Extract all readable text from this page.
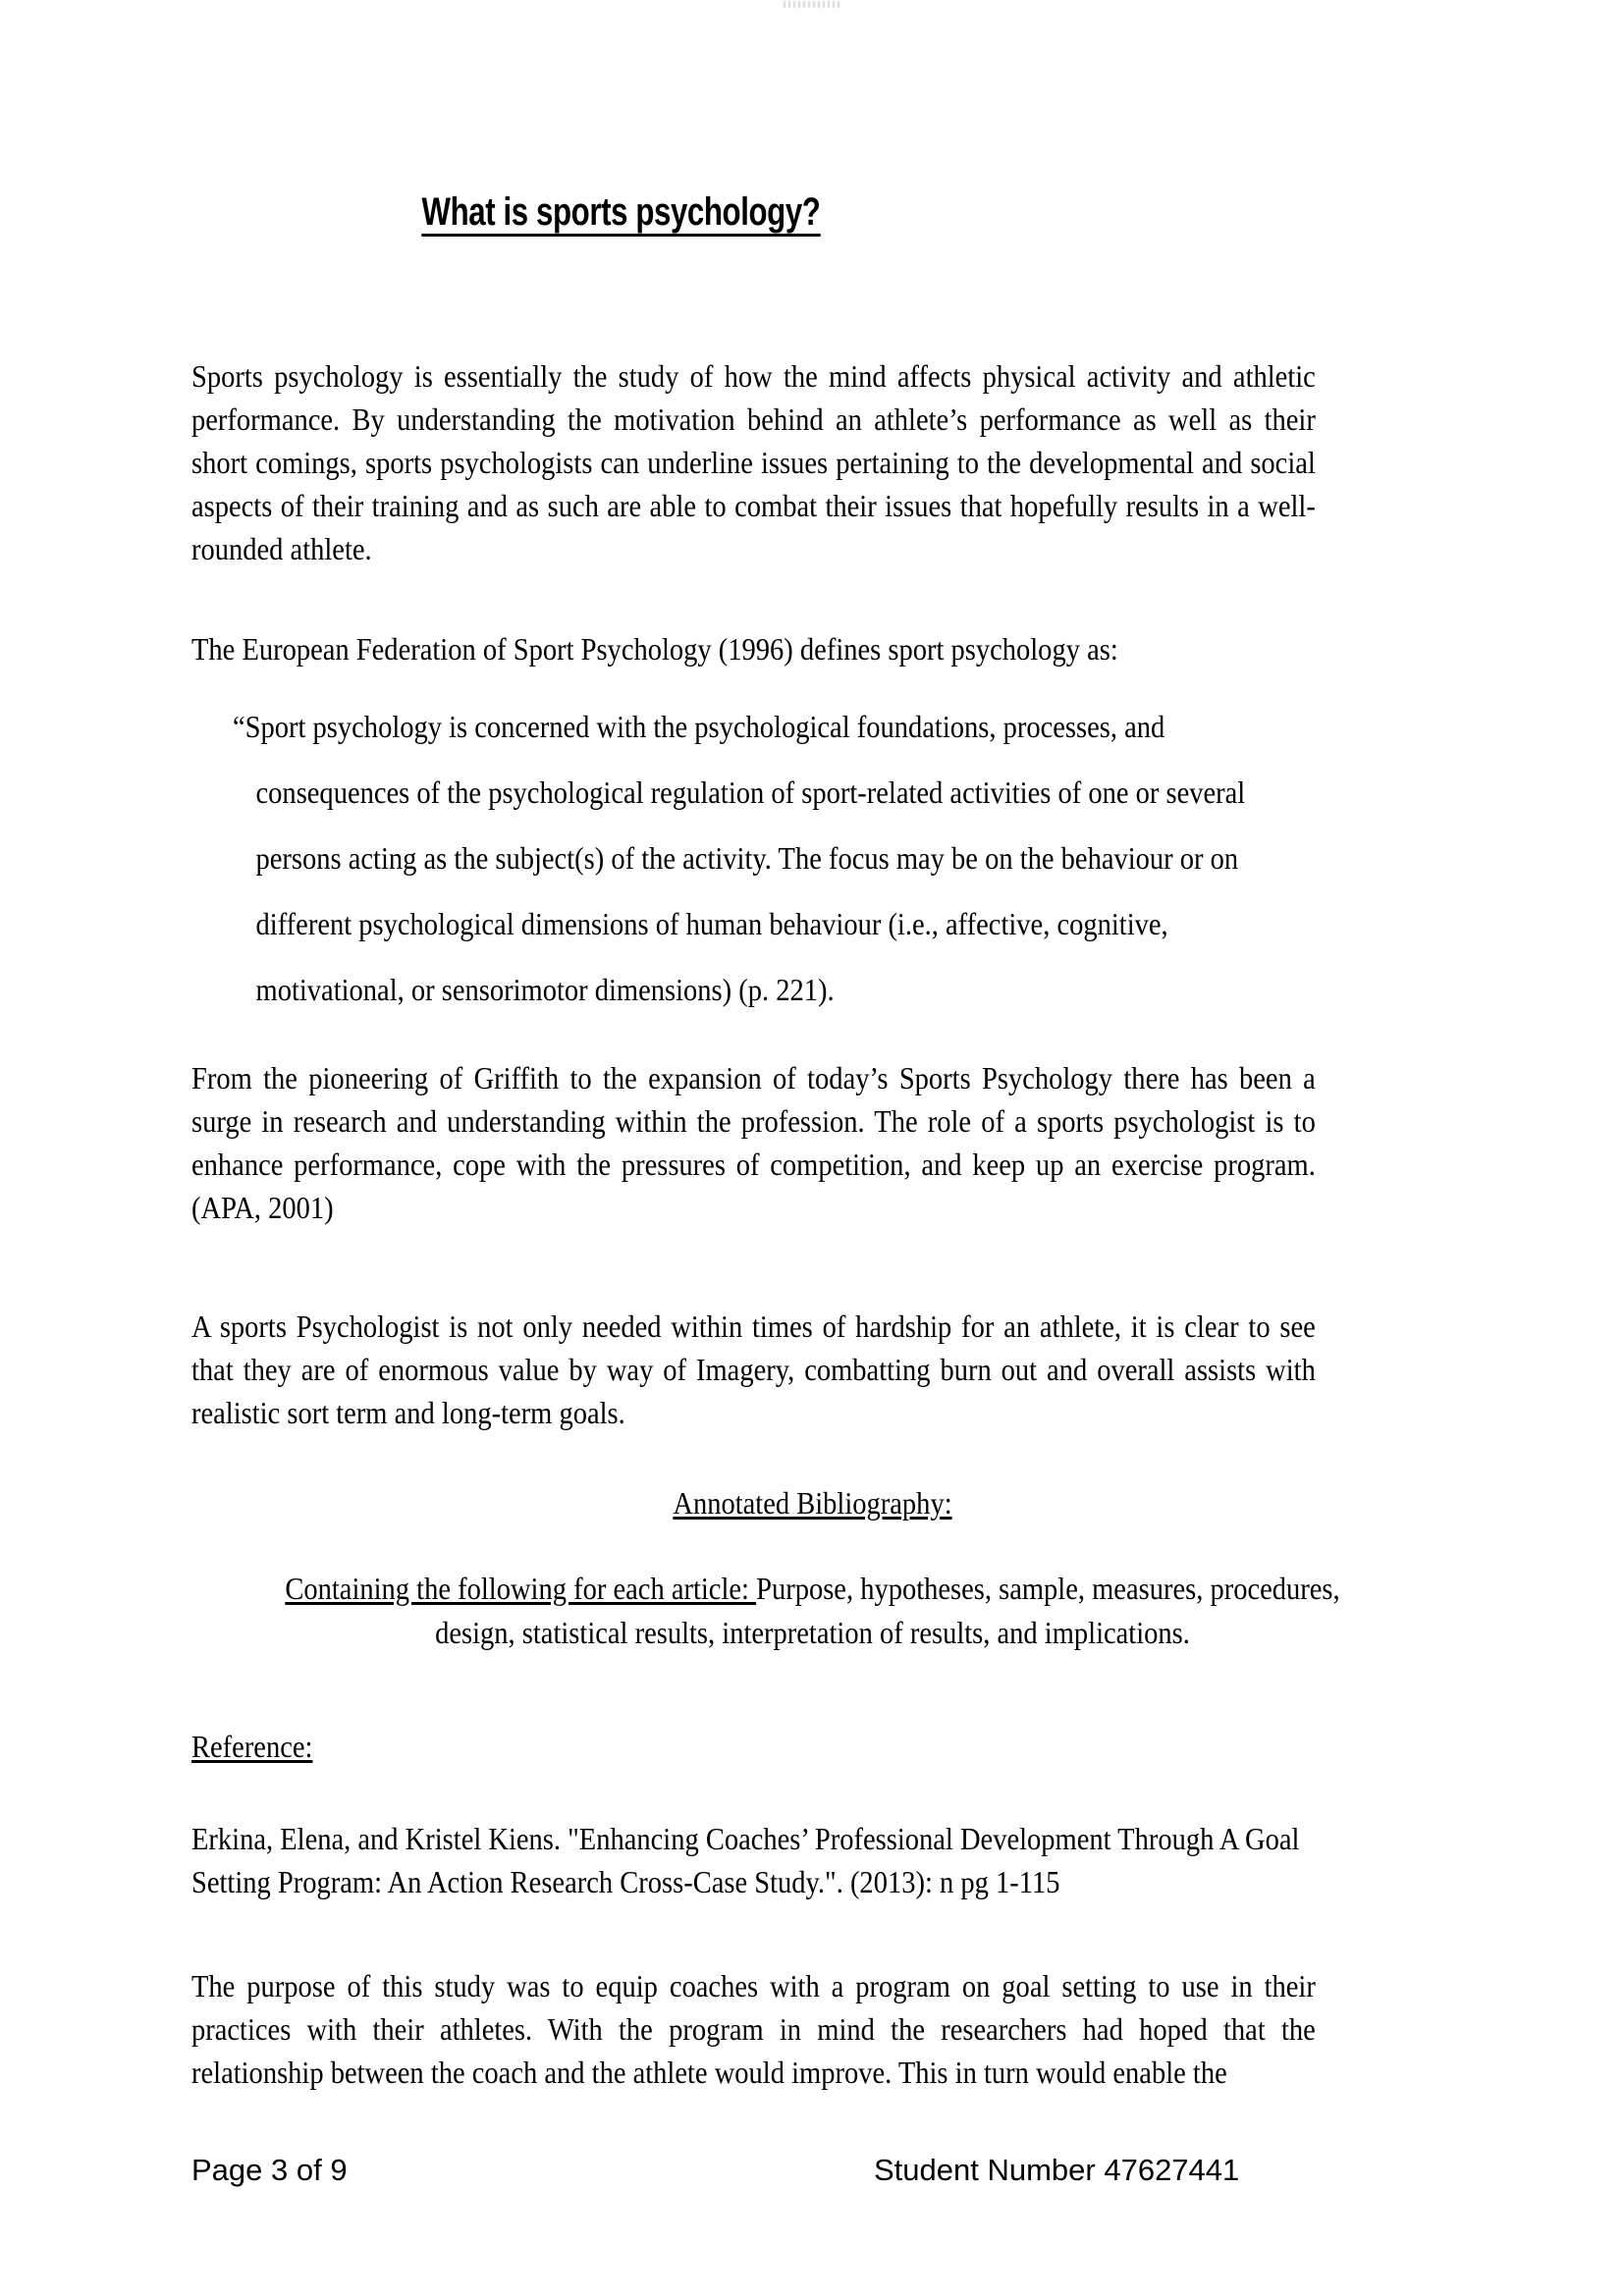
What is sports psychology?

Sports psychology is essentially the study of how the mind affects physical activity and athletic performance. By understanding the motivation behind an athlete’s performance as well as their short comings, sports psychologists can underline issues pertaining to the developmental and social aspects of their training and as such are able to combat their issues that hopefully results in a well-rounded athlete.

The European Federation of Sport Psychology (1996) defines sport psychology as:

“Sport psychology is concerned with the psychological foundations, processes, and consequences of the psychological regulation of sport-related activities of one or several persons acting as the subject(s) of the activity. The focus may be on the behaviour or on different psychological dimensions of human behaviour (i.e., affective, cognitive, motivational, or sensorimotor dimensions) (p. 221).

From the pioneering of Griffith to the expansion of today’s Sports Psychology there has been a surge in research and understanding within the profession. The role of a sports psychologist is to enhance performance, cope with the pressures of competition, and keep up an exercise program. (APA, 2001)

A sports Psychologist is not only needed within times of hardship for an athlete, it is clear to see that they are of enormous value by way of Imagery, combatting burn out and overall assists with realistic sort term and long-term goals.

Annotated Bibliography:
Containing the following for each article: Purpose, hypotheses, sample, measures, procedures, design, statistical results, interpretation of results, and implications.
Reference:

Erkina, Elena, and Kristel Kiens. "Enhancing Coaches’ Professional Development Through A Goal Setting Program: An Action Research Cross-Case Study.". (2013): n pg 1-115

The purpose of this study was to equip coaches with a program on goal setting to use in their practices with their athletes. With the program in mind the researchers had hoped that the relationship between the coach and the athlete would improve. This in turn would enable the

Page 3 of 9	Student Number 47627441
